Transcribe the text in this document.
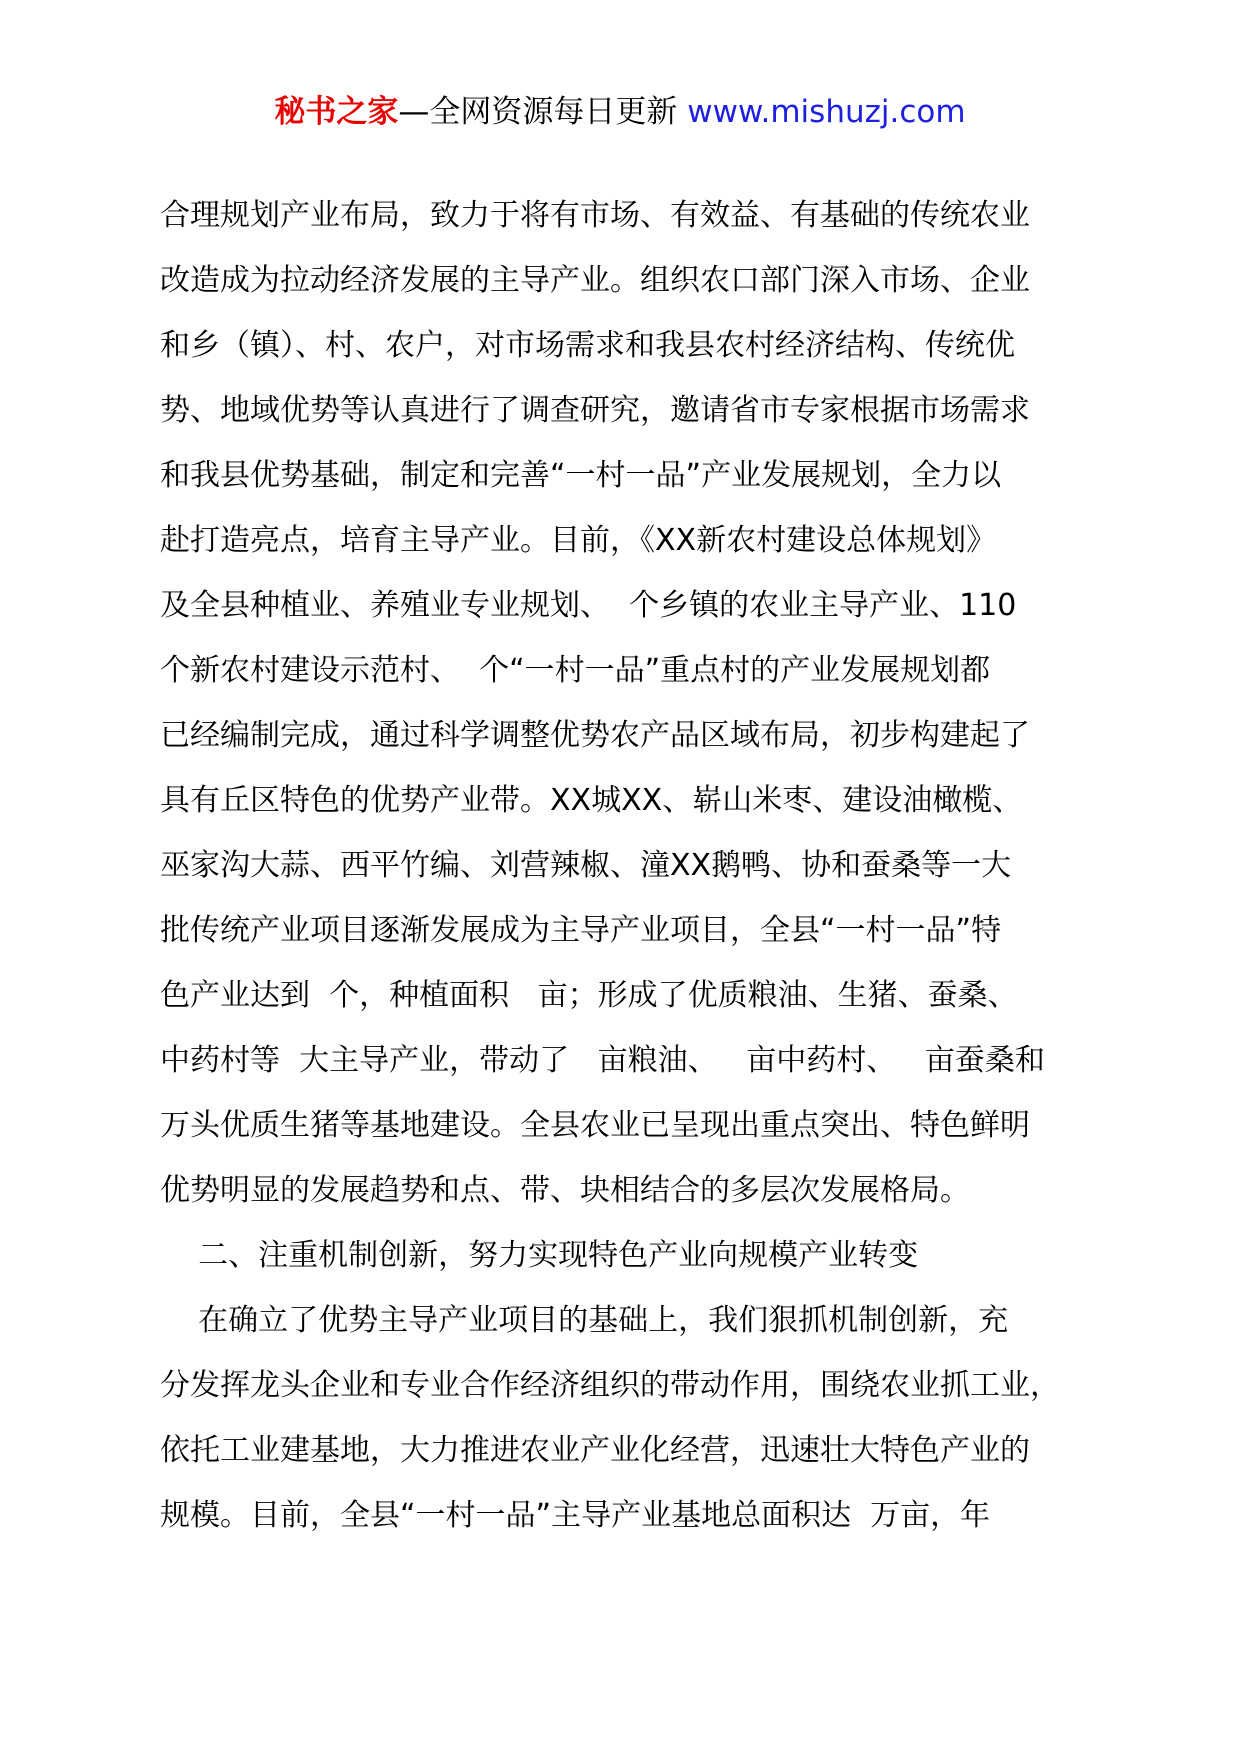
秘书之家—全网资源每日更新 www.mishuzj.com
合理规划产业布局，致力于将有市场、有效益、有基础的传统农业
改造成为拉动经济发展的主导产业。组织农口部门深入市场、企业
和乡（镇）、村、农户，对市场需求和我县农村经济结构、传统优
势、地域优势等认真进行了调查研究，邀请省市专家根据市场需求
和我县优势基础，制定和完善“一村一品”产业发展规划，全力以
赴打造亮点，培育主导产业。目前，《XX新农村建设总体规划》
及全县种植业、养殖业专业规划、  个乡镇的农业主导产业、110
个新农村建设示范村、  个“一村一品”重点村的产业发展规划都
已经编制完成，通过科学调整优势农产品区域布局，初步构建起了
具有丘区特色的优势产业带。XX城XX、崭山米枣、建设油橄榄、
巫家沟大蒜、西平竹编、刘营辣椒、潼XX鹅鸭、协和蚕桑等一大
批传统产业项目逐渐发展成为主导产业项目，全县“一村一品”特
色产业达到  个，种植面积   亩；形成了优质粮油、生猪、蚕桑、
中药村等  大主导产业，带动了   亩粮油、   亩中药村、   亩蚕桑和
万头优质生猪等基地建设。全县农业已呈现出重点突出、特色鲜明
优势明显的发展趋势和点、带、块相结合的多层次发展格局。
二、注重机制创新，努力实现特色产业向规模产业转变
在确立了优势主导产业项目的基础上，我们狠抓机制创新，充
分发挥龙头企业和专业合作经济组织的带动作用，围绕农业抓工业，
依托工业建基地，大力推进农业产业化经营，迅速壮大特色产业的
规模。目前，全县“一村一品”主导产业基地总面积达  万亩，年
